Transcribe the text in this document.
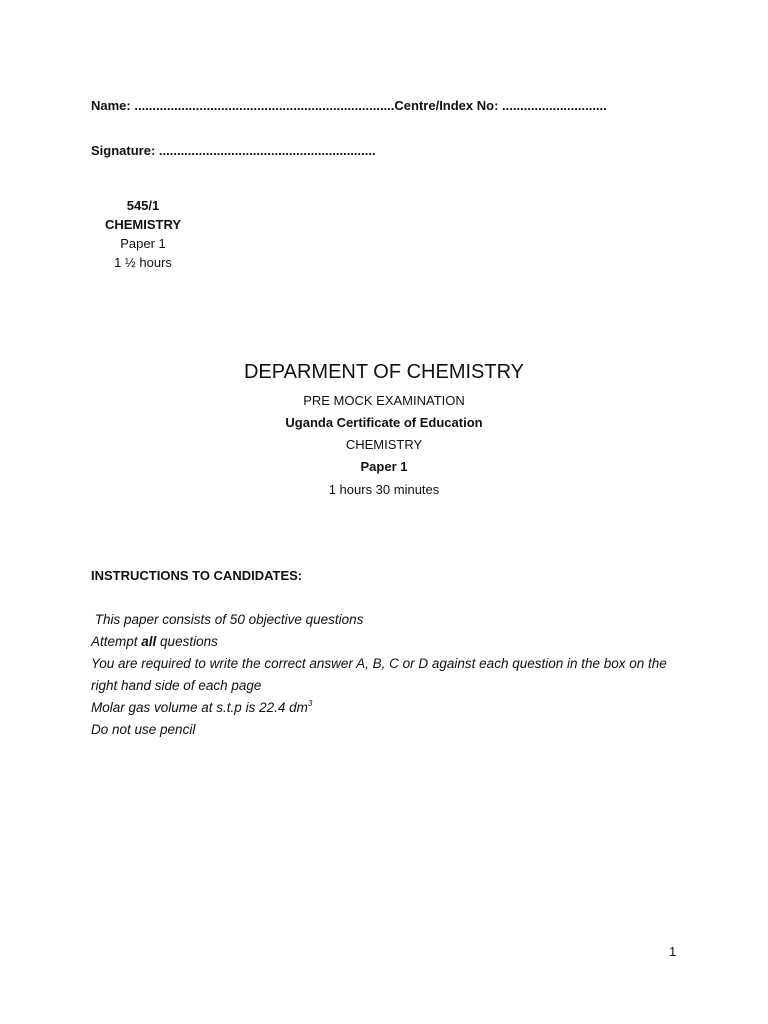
Name: ........................................................................Centre/Index No: .............................
Signature: ............................................................
545/1
CHEMISTRY
Paper 1
1 ½ hours
DEPARMENT OF CHEMISTRY
PRE MOCK EXAMINATION
Uganda Certificate of Education
CHEMISTRY
Paper 1
1 hours 30 minutes
INSTRUCTIONS TO CANDIDATES:
This paper consists of 50 objective questions
Attempt all questions
You are required to write the correct answer A, B, C or D against each question in the box on the right hand side of each page
Molar gas volume at s.t.p is 22.4 $dm^3$
Do not use pencil
1
